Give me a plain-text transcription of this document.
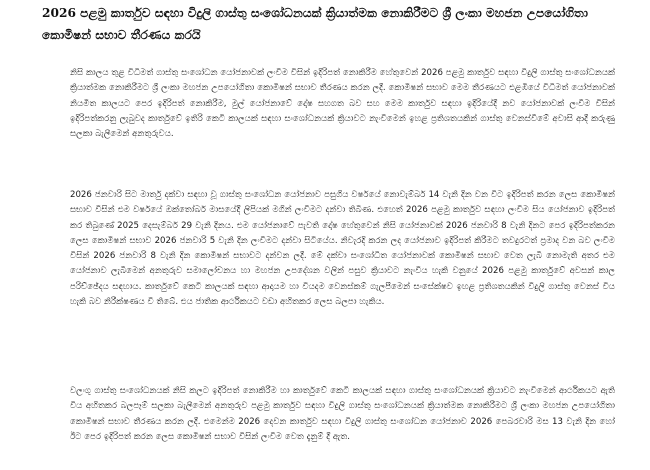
2026 පළමු කාර්තුව සඳහා විදුලි ගාස්තු සංශෝධනයක් ක්‍රියාත්මක නොකිරීමට ශ්‍රී ලංකා මහජන උපයෝගිතා කොමිෂන් සභාව තීරණය කරයි

නිසි කාලය තුළ විධිමත් ගාස්තු සංශෝධන යෝජනාවක් ලංවීම විසින් ඉදිරිපත් නොකිරීම හේතුවෙන් 2026 පළමු කාර්තුව සඳහා විදුලි ගාස්තු සංශෝධනයක් ක්‍රියාත්මක නොකිරීමට ශ්‍රී ලංකා මහජන උපයෝගිතා කොමිෂන් සභාව තීරණය කරන ලදී. කොමිෂන් සභාව මෙම තීරණයට එළඹියේ විධිමත් යෝජනාවක් නියමිත කාලයට පෙර ඉදිරිපත් නොකිරීම, මුල් යෝජනාවේ දෝෂ සහගත බව සහ මෙම කාර්තුව සඳහා ඉදිරියේදී නව යෝජනාවක් ලංවීම විසින් ඉදිරිපත්කරනු ලැබුවද කාර්තුවේ ඉතිරි කෙටි කාලයක් සඳහා සංශෝධනයක් ක්‍රියාවට නැංවීමෙන් ඉහළ ප්‍රතිශතයකින් ගාස්තු වෙනස්වීමේ අවාසි ආදී කරුණු සලකා බැලීමෙන් අනතුරුවය.

2026 ජනවාරි සිට මාර්තු දක්වා සඳහා වූ ගාස්තු සංශෝධන යෝජනාව පසුගිය වර්ෂයේ නොවැම්බර් 14 වැනි දින වන විට ඉදිරිපත් කරන ලෙස කොමිෂන් සභාව විසින් එම වර්ෂයේ ඔක්තෝබර් මාසයේදී ලිපියක් මගින් ලංවීමට දන්වා තිබිණ. එහෙත් 2026 පළමු කාර්තුව සඳහා ලංවීම සිය යෝජනාව ඉදිරිපත් කර තිබුණේ 2025 දෙසැම්බර් 29 වැනි දිනය. එම යෝජනාවේ පැවති දෝෂ හේතුවෙන් නිසි යෝජනාවක් 2026 ජනවාරි 8 වැනි දිනට පෙර ඉදිරිපත්කරන ලෙස කොමිෂන් සභාව 2026 ජනවාරි 5 වැනි දින ලංවීමට දන්වා සිටියේය. නිවැරදි කරන ලද යෝජනාව ඉදිරිපත් කිරීමට තවදුරටත් ප්‍රමාද වන බව ලංවීම විසින් 2026 ජනවාරි 8 වැනි දින කොමිෂන් සභාවට දන්වන ලදී. මේ දක්වා සංශෝධිත යෝජනාවක් කොමිෂන් සභාව වෙත ලැබී නොමැති අතර එම යෝජනාව ලැබීමෙන් අනතුරුව සමාලෝචනය හා මහජන උපදේශන වලින් පසුව ක්‍රියාවට නැංවිය හැකි වනුයේ 2026 පළමු කාර්තුවේ අවසන් කාල පරිච්ඡේදය සඳහාය. කාර්තුවේ කෙටි කාලයක් සඳහා ආදායම හා වියදම වෙනස්කම් ගැලපීමෙන් සංසේක්ෂව ඉහළ ප්‍රතිශතයකින් විදුලි ගාස්තු වෙනස් විය හැකි බව නිරීක්ෂණය වී තිබේ. එය ජාතික ආර්ථිකයට වඩා අහිතකර ලෙස බලපා හැකිය.

වලංගු ගාස්තු සංශෝධනයක් නිසි කලට ඉදිරිපත් නොකිරීම හා කාර්තුවේ කෙටි කාලයක් සඳහා ගාස්තු සංශෝධනයක් ක්‍රියාවට නැංවීමෙන් ආර්ථිකයට ඇති විය අහිතකර බලපෑම් සලකා බැලීමෙන් අනතුරුව පළමු කාර්තුව සඳහා විදුලි ගාස්තු සංශෝධනයක් ක්‍රියාත්මක නොකිරීමට ශ්‍රී ලංකා මහජන උපයෝගිතා කොමිෂන් සභාව තීරණය කරන ලදී. එමෙන්ම 2026 දෙවන කාර්තුව සඳහා විදුලි ගාස්තු සංශෝධන යෝජනාව 2026 පෙබරවාරි මස 13 වැනි දින හෝ ඊට පෙර ඉදිරිපත් කරන ලෙස කොමිෂන් සභාව විසින් ලංවීම වෙත දැනුම් දී ඇත.
